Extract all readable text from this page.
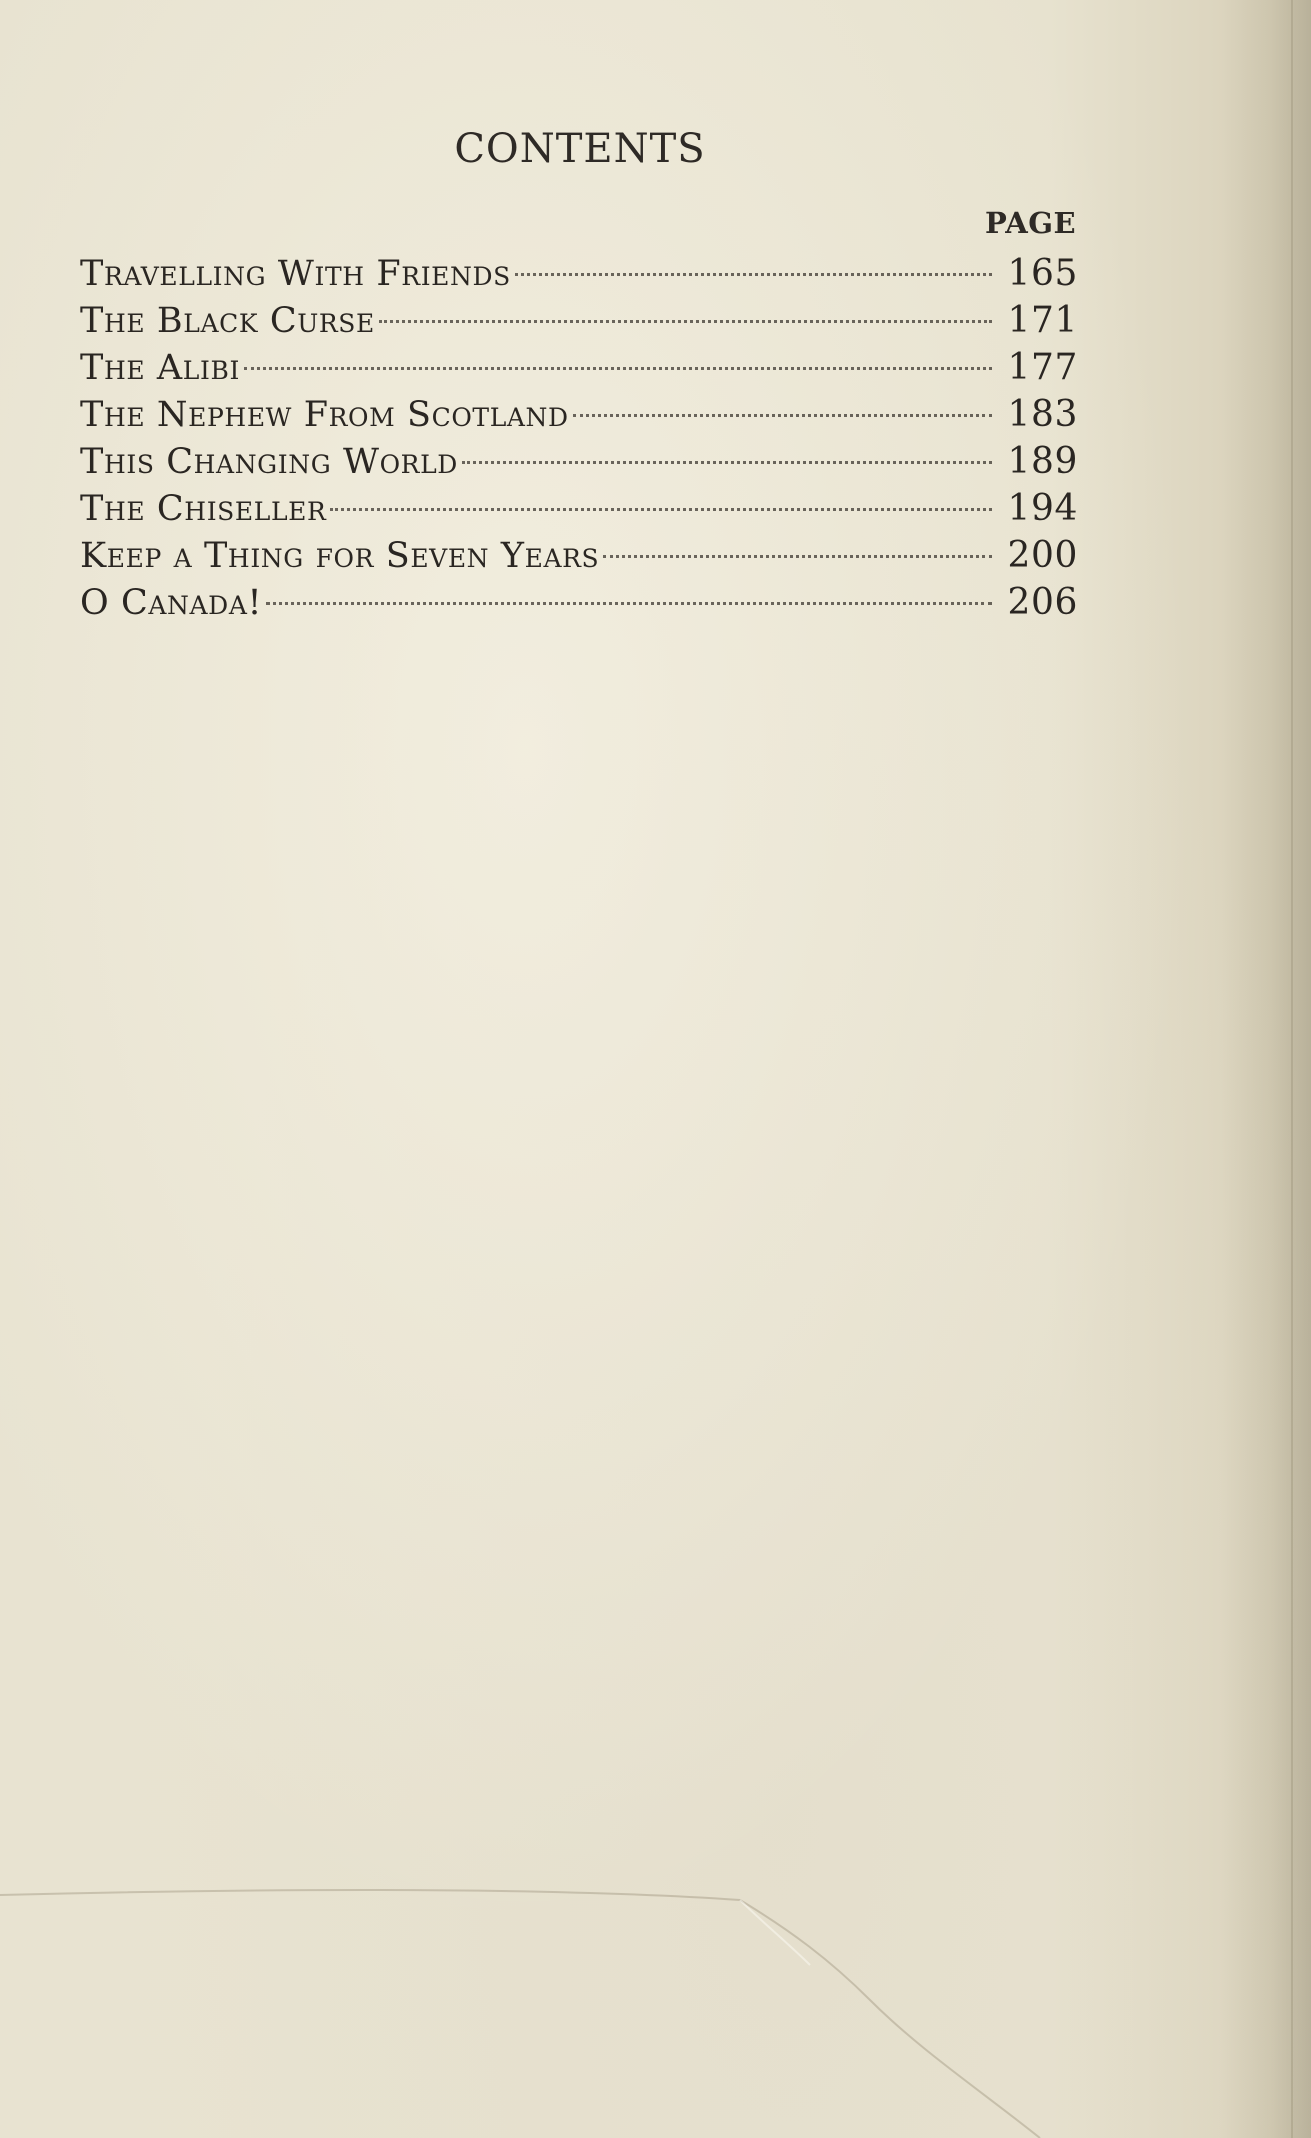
CONTENTS
PAGE
Travelling With Friends	165
The Black Curse	171
The Alibi	177
The Nephew From Scotland	183
This Changing World	189
The Chiseller	194
Keep a Thing for Seven Years	200
O Canada!	206
